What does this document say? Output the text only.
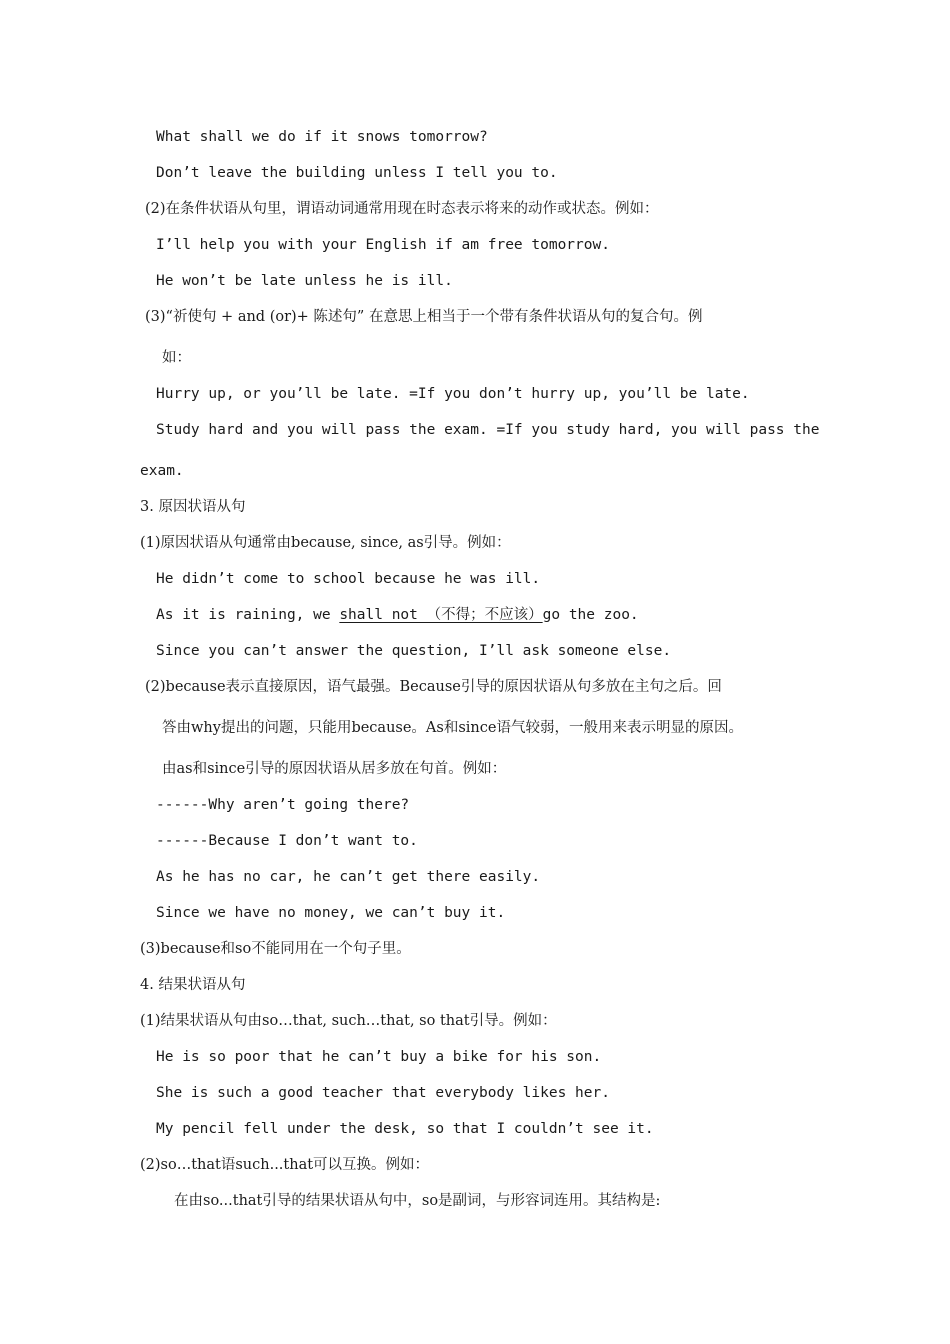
What shall we do if it snows tomorrow?
Don’t leave the building unless I tell you to.
(2)在条件状语从句里，谓语动词通常用现在时态表示将来的动作或状态。例如：
I’ll help you with your English if am free tomorrow.
He won’t be late unless he is ill.
(3)“祈使句 + and (or)+ 陈述句” 在意思上相当于一个带有条件状语从句的复合句。例
如：
Hurry up, or you’ll be late. =If you don’t hurry up, you’ll be late.
Study hard and you will pass the exam. =If you study hard, you will pass the
exam.
3. 原因状语从句
(1)原因状语从句通常由because, since, as引导。例如：
He didn’t come to school because he was ill.
As it is raining, we shall not （不得；不应该）go the zoo.
Since you can’t answer the question, I’ll ask someone else.
(2)because表示直接原因，语气最强。Because引导的原因状语从句多放在主句之后。回
答由why提出的问题，只能用because。As和since语气较弱，一般用来表示明显的原因。
由as和since引导的原因状语从居多放在句首。例如：
------Why aren’t going there?
------Because I don’t want to.
As he has no car, he can’t get there easily.
Since we have no money, we can’t buy it.
(3)because和so不能同用在一个句子里。
4. 结果状语从句
(1)结果状语从句由so…that, such…that, so that引导。例如：
He is so poor that he can’t buy a bike for his son.
She is such a good teacher that everybody likes her.
My pencil fell under the desk, so that I couldn’t see it.
(2)so…that语such...that可以互换。例如：
在由so...that引导的结果状语从句中，so是副词，与形容词连用。其结构是:
